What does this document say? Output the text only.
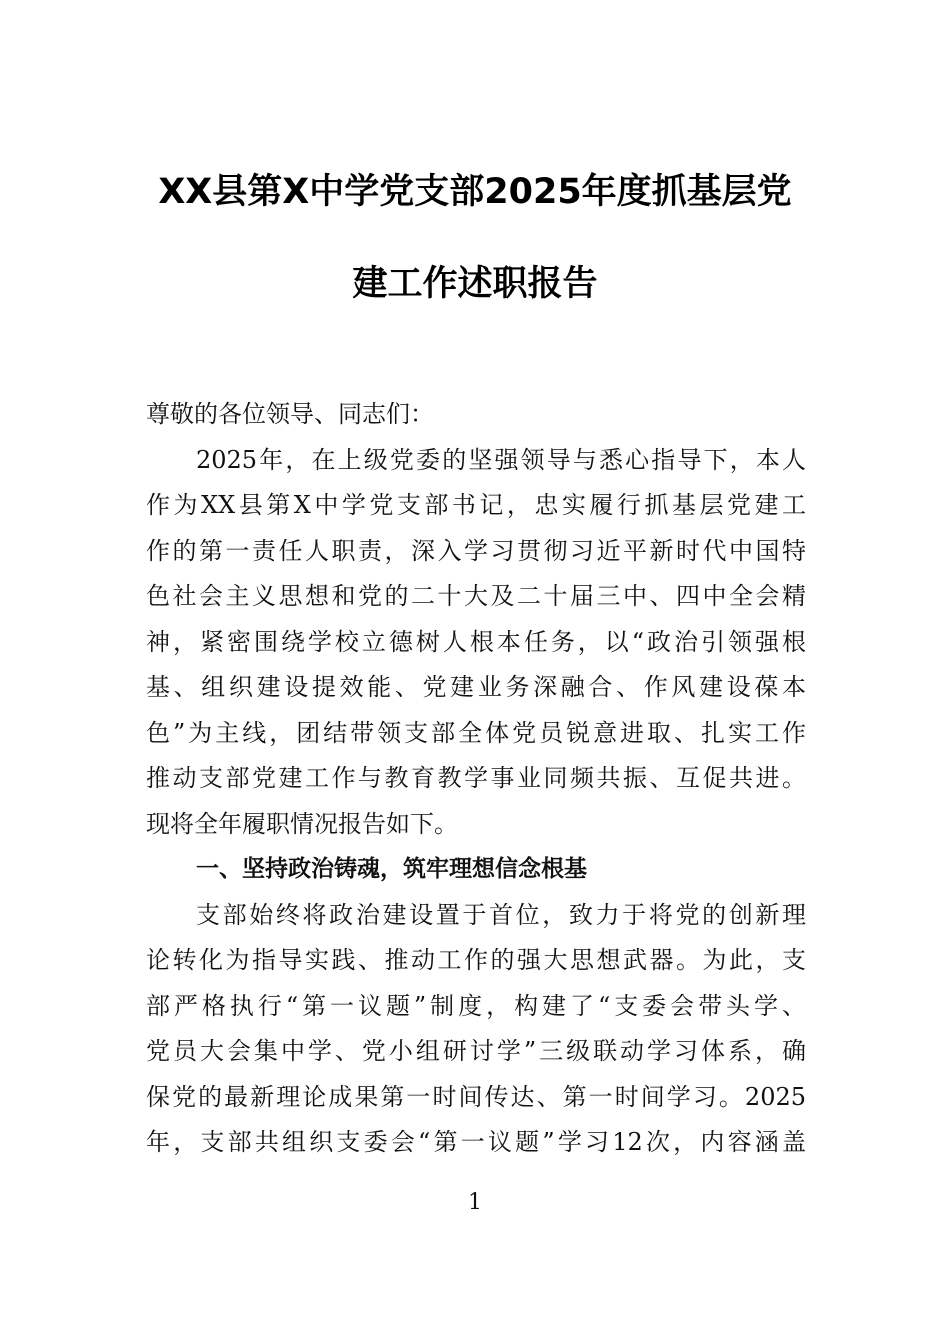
XX县第X中学党支部2025年度抓基层党
建工作述职报告
尊敬的各位领导、同志们：
2025年，在上级党委的坚强领导与悉心指导下，本人
作为XX县第X中学党支部书记，忠实履行抓基层党建工
作的第一责任人职责，深入学习贯彻习近平新时代中国特
色社会主义思想和党的二十大及二十届三中、四中全会精
神，紧密围绕学校立德树人根本任务，以“政治引领强根
基、组织建设提效能、党建业务深融合、作风建设葆本
色”为主线，团结带领支部全体党员锐意进取、扎实工作
推动支部党建工作与教育教学事业同频共振、互促共进。
现将全年履职情况报告如下。
一、坚持政治铸魂，筑牢理想信念根基
支部始终将政治建设置于首位，致力于将党的创新理
论转化为指导实践、推动工作的强大思想武器。为此，支
部严格执行“第一议题”制度，构建了“支委会带头学、
党员大会集中学、党小组研讨学”三级联动学习体系，确
保党的最新理论成果第一时间传达、第一时间学习。2025
年，支部共组织支委会“第一议题”学习12次，内容涵盖
1
